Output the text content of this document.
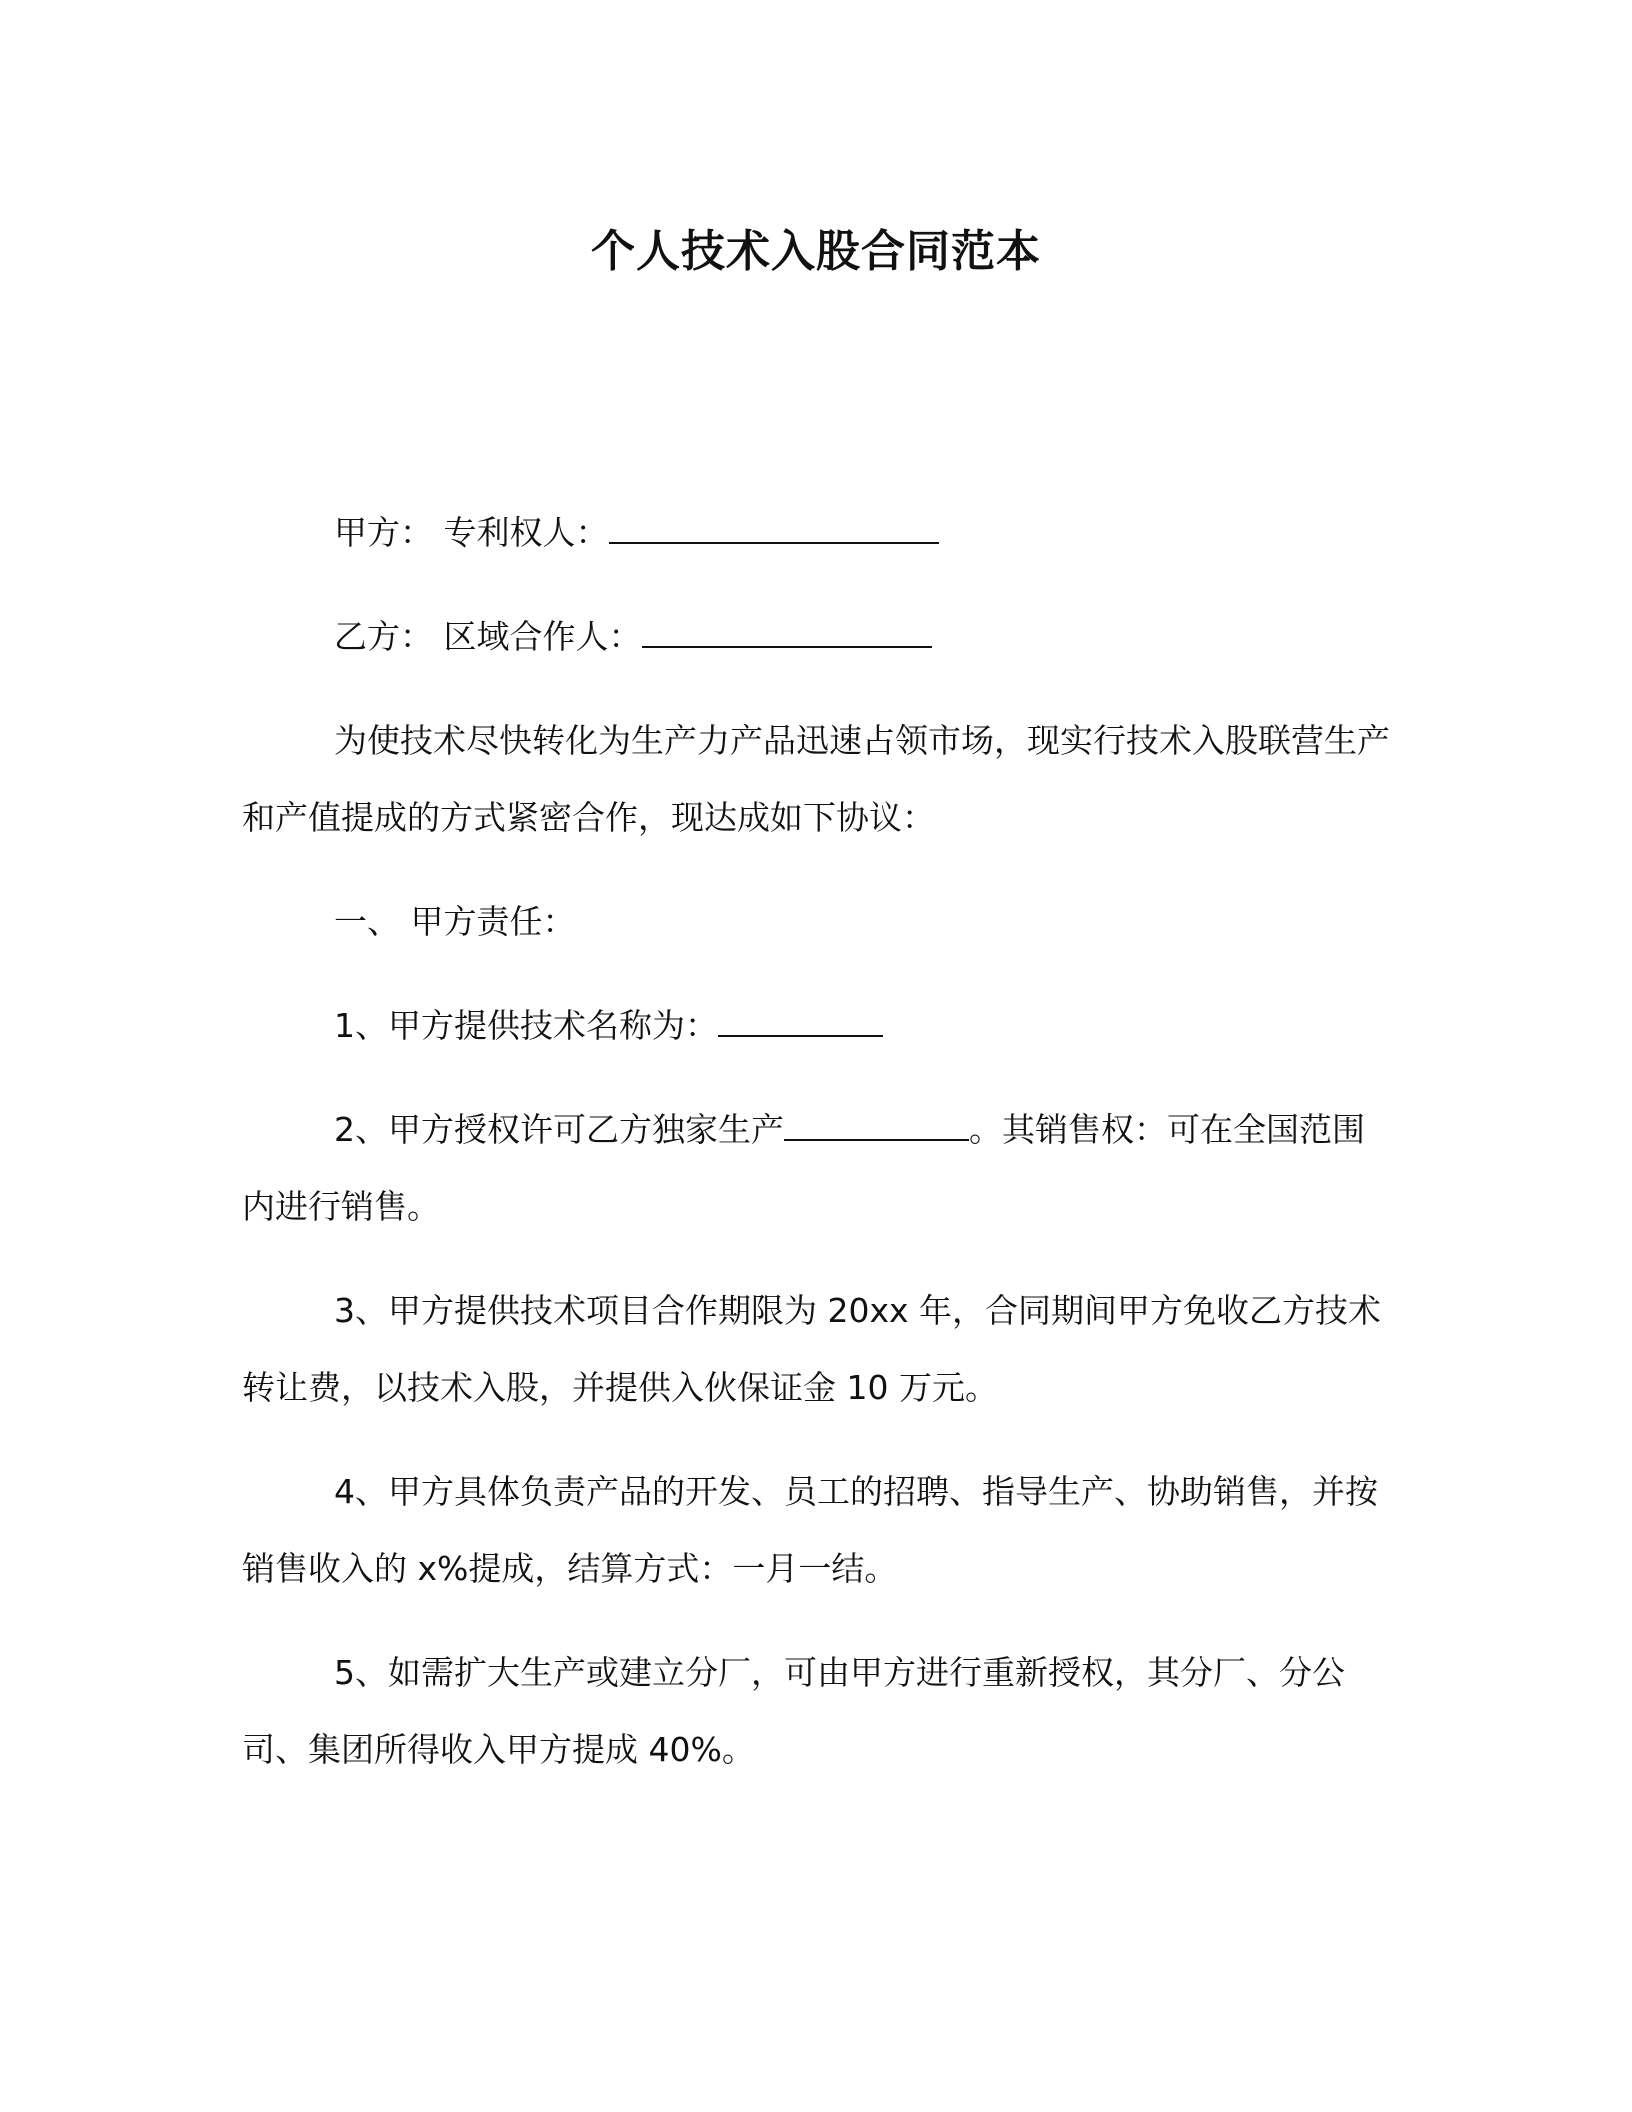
个人技术入股合同范本

甲方： 专利权人：

乙方： 区域合作人：

为使技术尽快转化为生产力产品迅速占领市场，现实行技术入股联营生产和产值提成的方式紧密合作，现达成如下协议：

一、 甲方责任：

1、甲方提供技术名称为：

2、甲方授权许可乙方独家生产	。其销售权：可在全国范围内进行销售。

3、甲方提供技术项目合作期限为 20xx 年，合同期间甲方免收乙方技术转让费，以技术入股，并提供入伙保证金 10 万元。

4、甲方具体负责产品的开发、员工的招聘、指导生产、协助销售，并按销售收入的 x%提成，结算方式：一月一结。

5、如需扩大生产或建立分厂，可由甲方进行重新授权，其分厂、分公司、集团所得收入甲方提成 40%。
